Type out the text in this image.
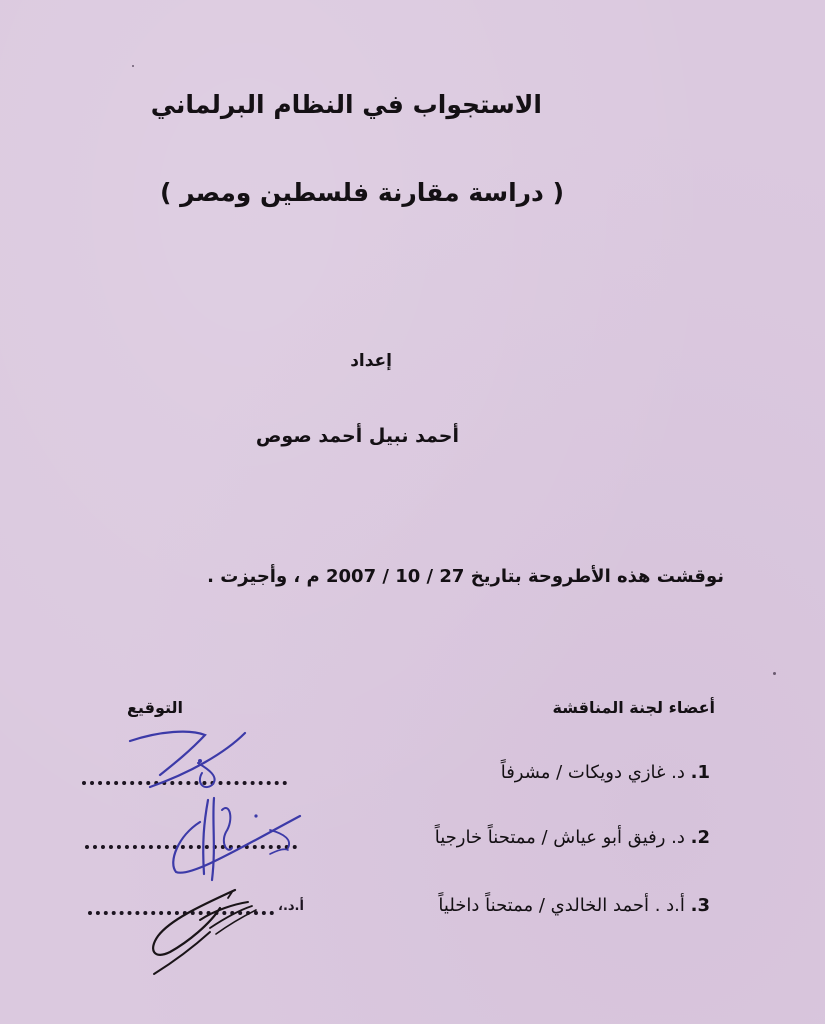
الاستجواب في النظام البرلماني
( دراسة مقارنة فلسطين ومصر )
إعداد
أحمد نبيل أحمد صوص
نوقشت هذه الأطروحة بتاريخ 27 / 10 / 2007 م ، وأجيزت .
أعضاء لجنة المناقشة
التوقيع
1. د. غازي دويكات / مشرفاً
2. د. رفيق أبو عياش / ممتحناً خارجياً
3. أ.د . أحمد الخالدي / ممتحناً داخلياً
أ.د.،
